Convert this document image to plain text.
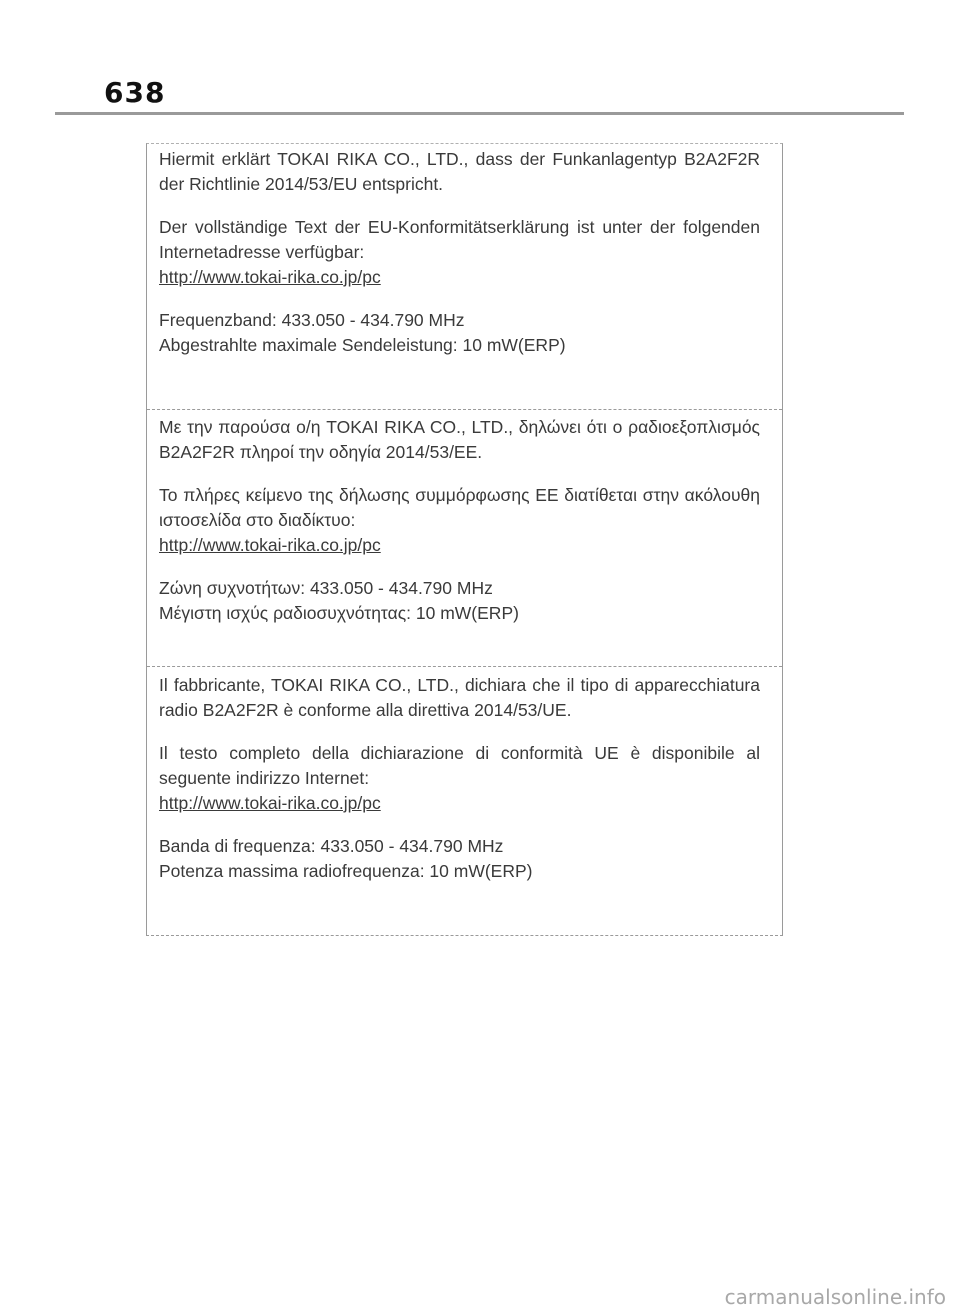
638

Hiermit erklärt TOKAI RIKA CO., LTD., dass der Funkanlagentyp B2A2F2R der Richtlinie 2014/53/EU entspricht.

Der vollständige Text der EU-Konformitätserklärung ist unter der folgenden Internetadresse verfügbar:

http://www.tokai-rika.co.jp/pc

Frequenzband: 433.050 - 434.790 MHz

Abgestrahlte maximale Sendeleistung: 10 mW(ERP)

Με την παρούσα ο/η TOKAI RIKA CO., LTD., δηλώνει ότι ο ραδιοεξοπλισμός B2A2F2R πληροί την οδηγία 2014/53/ΕΕ.

Το πλήρες κείμενο της δήλωσης συμμόρφωσης ΕΕ διατίθεται στην ακόλουθη ιστοσελίδα στο διαδίκτυο:

http://www.tokai-rika.co.jp/pc

Ζώνη συχνοτήτων: 433.050 - 434.790 MHz

Μέγιστη ισχύς ραδιοσυχνότητας: 10 mW(ERP)

Il fabbricante, TOKAI RIKA CO., LTD., dichiara che il tipo di apparecchiatura radio B2A2F2R è conforme alla direttiva 2014/53/UE.

Il testo completo della dichiarazione di conformità UE è disponibile al seguente indirizzo Internet:

http://www.tokai-rika.co.jp/pc

Banda di frequenza: 433.050 - 434.790 MHz

Potenza massima radiofrequenza: 10 mW(ERP)

carmanualsonline.info
